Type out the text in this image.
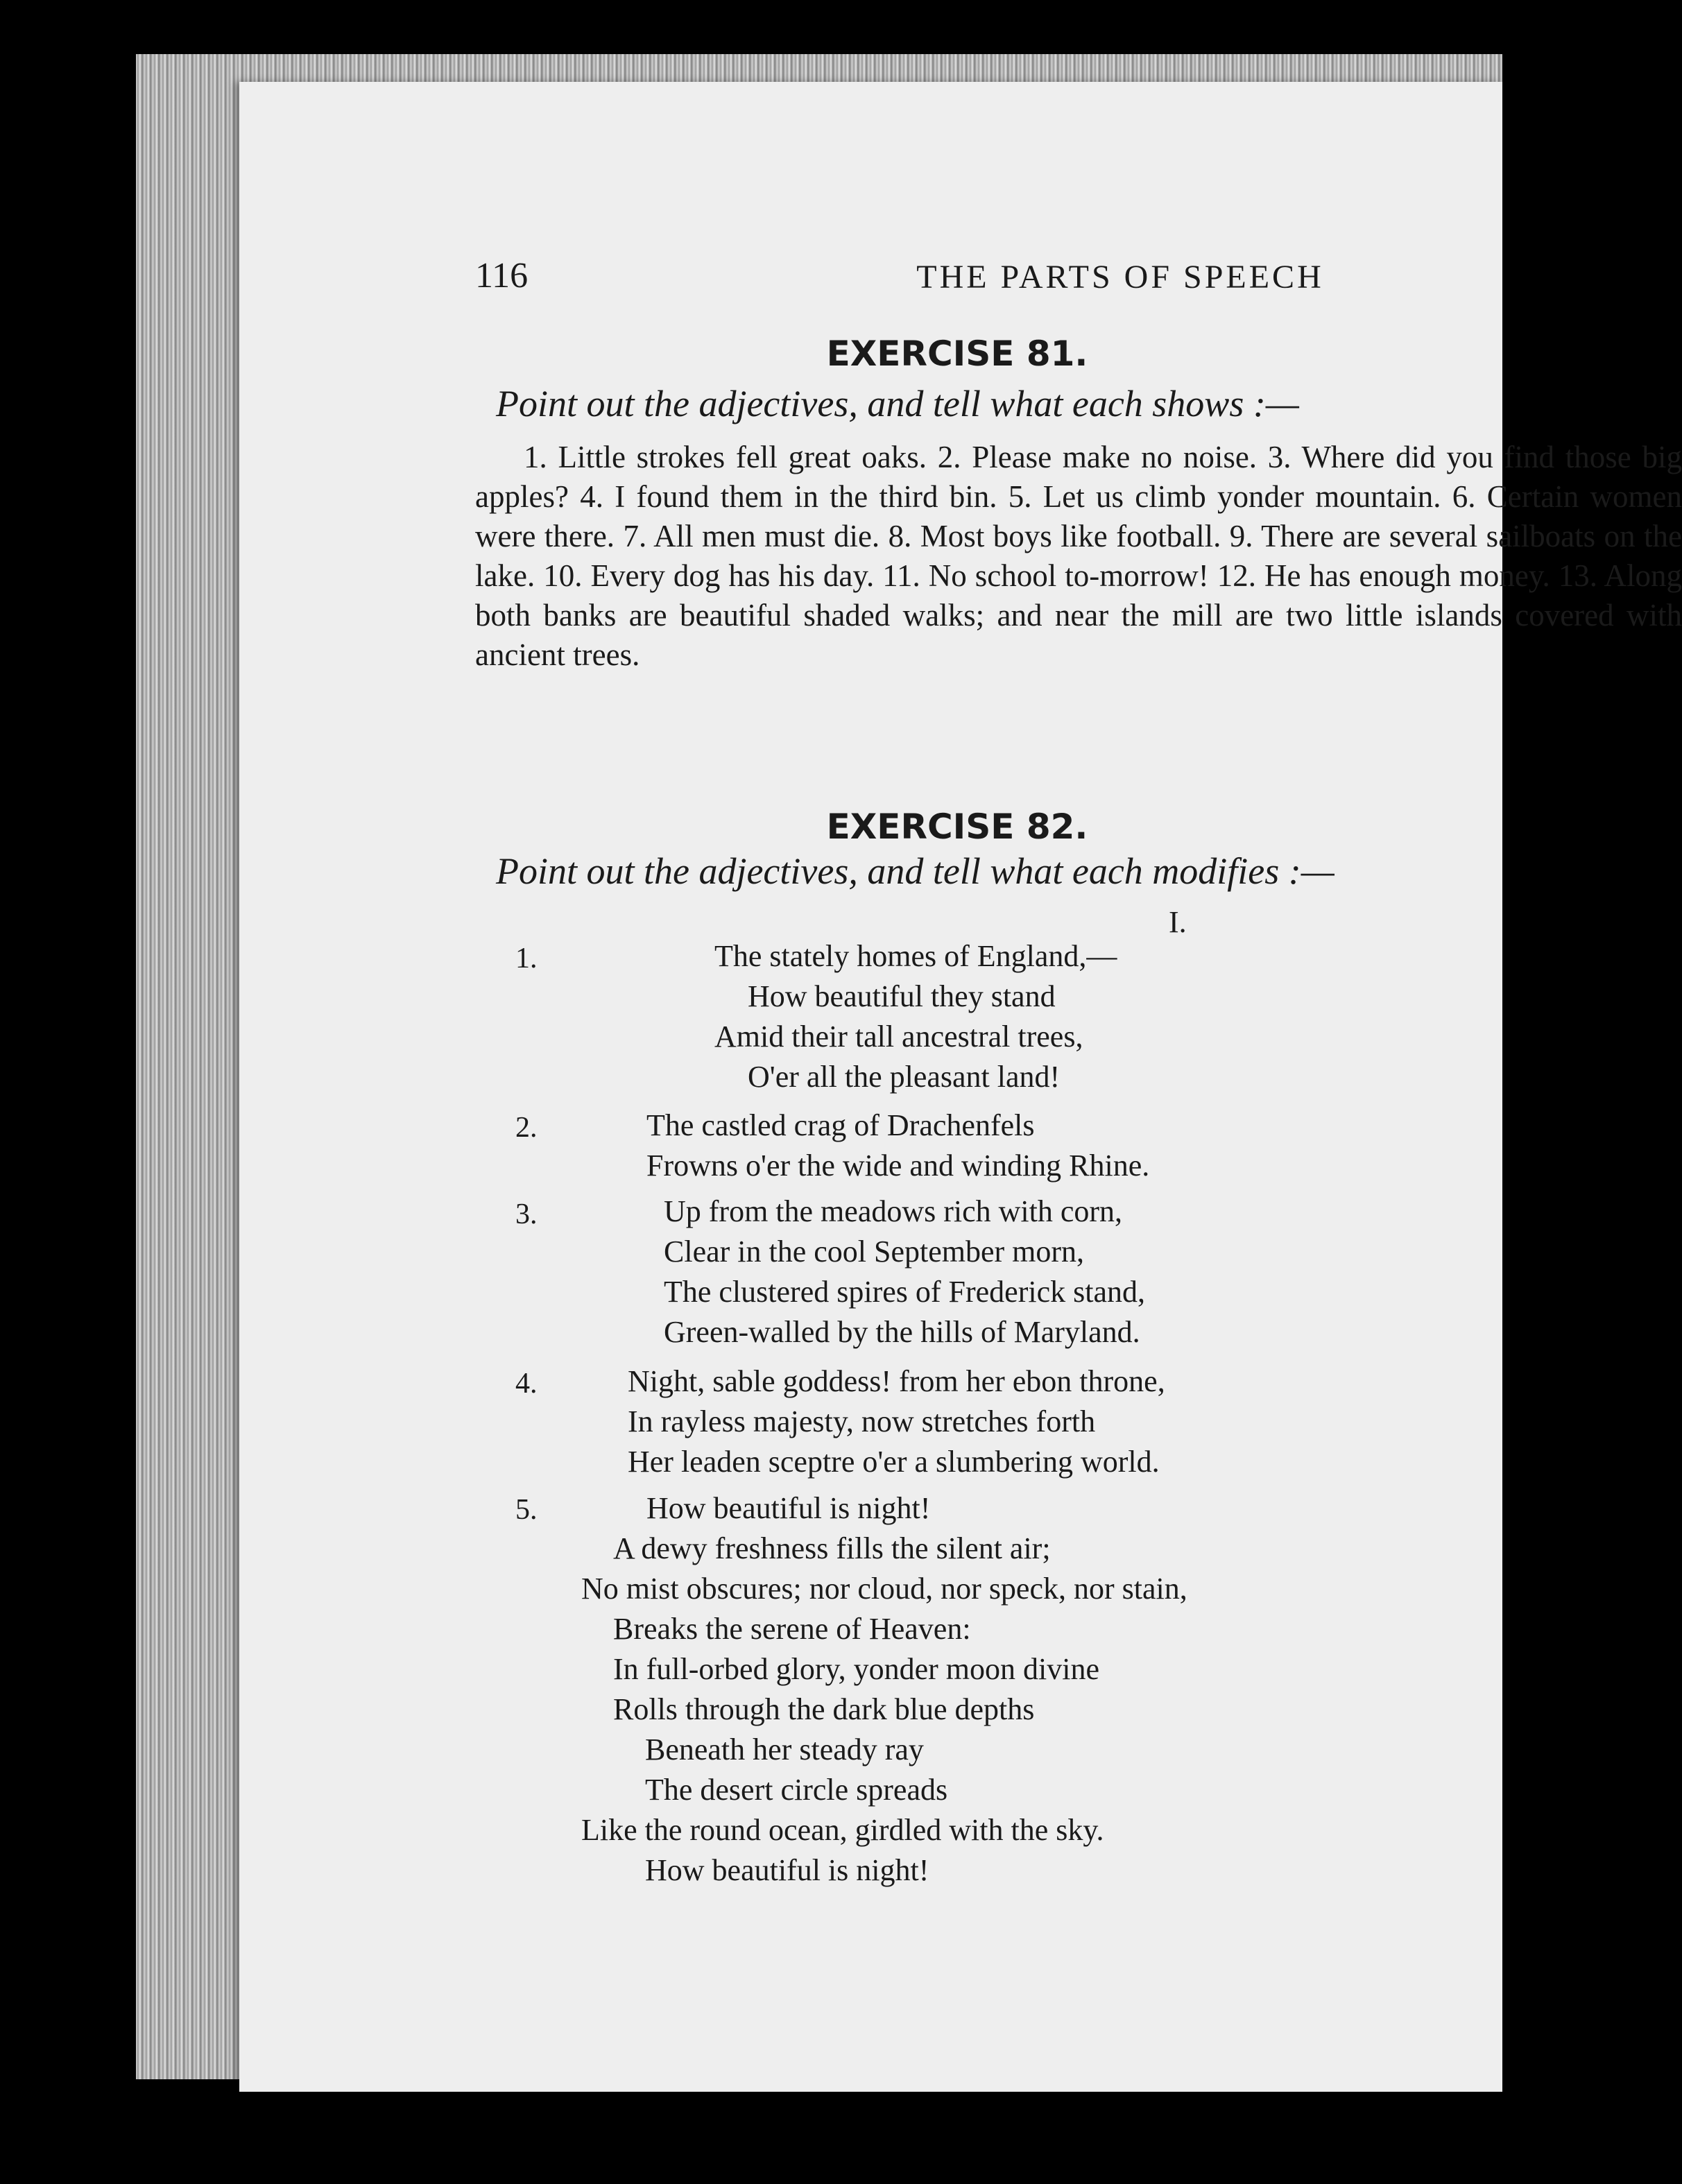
116	THE PARTS OF SPEECH
EXERCISE 81.
Point out the adjectives, and tell what each shows :—

1. Little strokes fell great oaks. 2. Please make no noise. 3. Where did you find those big apples? 4. I found them in the third bin. 5. Let us climb yonder mountain. 6. Certain women were there. 7. All men must die. 8. Most boys like football. 9. There are several sailboats on the lake. 10. Every dog has his day. 11. No school to-morrow! 12. He has enough money. 13. Along both banks are beautiful shaded walks; and near the mill are two little islands covered with ancient trees.

EXERCISE 82.
Point out the adjectives, and tell what each modifies :—
I.
1.	The stately homes of England,—
How beautiful they stand
Amid their tall ancestral trees,
O'er all the pleasant land!
2.	The castled crag of Drachenfels
Frowns o'er the wide and winding Rhine.
3.	Up from the meadows rich with corn,
Clear in the cool September morn,
The clustered spires of Frederick stand,
Green-walled by the hills of Maryland.
4.	Night, sable goddess! from her ebon throne,
In rayless majesty, now stretches forth
Her leaden sceptre o'er a slumbering world.
5.	How beautiful is night!
A dewy freshness fills the silent air;
No mist obscures; nor cloud, nor speck, nor stain,
Breaks the serene of Heaven:
In full-orbed glory, yonder moon divine
Rolls through the dark blue depths
Beneath her steady ray
The desert circle spreads
Like the round ocean, girdled with the sky.
How beautiful is night!
